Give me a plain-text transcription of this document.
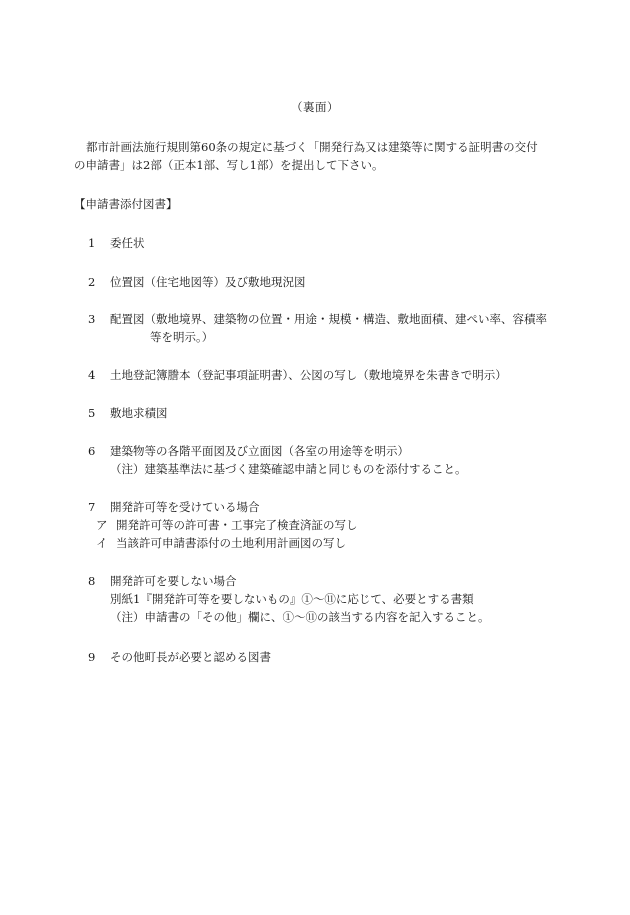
（裏面）
都市計画法施行規則第60条の規定に基づく「開発行為又は建築等に関する証明書の交付
の申請書」は2部（正本1部、写し1部）を提出して下さい。
【申請書添付図書】
1 委任状
2 位置図（住宅地図等）及び敷地現況図
3 配置図（敷地境界、建築物の位置・用途・規模・構造、敷地面積、建ぺい率、容積率
等を明示。）
4 土地登記簿謄本（登記事項証明書）、公図の写し（敷地境界を朱書きで明示）
5 敷地求積図
6 建築物等の各階平面図及び立面図（各室の用途等を明示）
（注）建築基準法に基づく建築確認申請と同じものを添付すること。
7 開発許可等を受けている場合
ア 開発許可等の許可書・工事完了検査済証の写し
イ 当該許可申請書添付の土地利用計画図の写し
8 開発許可を要しない場合
別紙1『開発許可等を要しないもの』①～⑪に応じて、必要とする書類
（注）申請書の「その他」欄に、①～⑪の該当する内容を記入すること。
9 その他町長が必要と認める図書
